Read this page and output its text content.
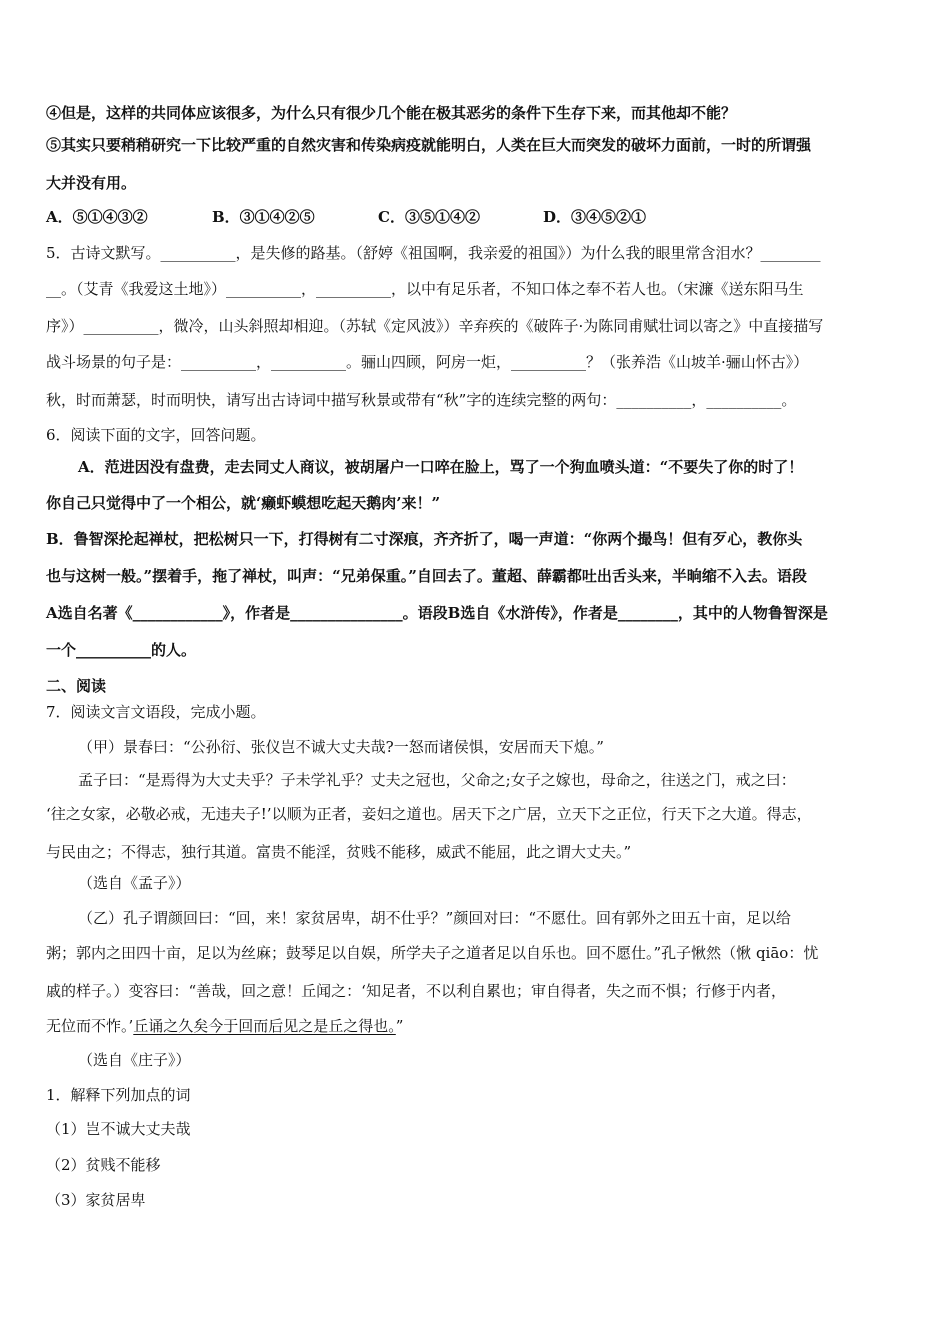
④但是，这样的共同体应该很多，为什么只有很少几个能在极其恶劣的条件下生存下来，而其他却不能？
⑤其实只要稍稍研究一下比较严重的自然灾害和传染病疫就能明白，人类在巨大而突发的破坏力面前，一时的所谓强
大并没有用。
A．⑤①④③②	B．③①④②⑤	C．③⑤①④②	D．③④⑤②①
5．古诗文默写。__________，是失修的路基。（舒婷《祖国啊，我亲爱的祖国》）为什么我的眼里常含泪水？________
__。（艾青《我爱这土地》）__________，__________，以中有足乐者，不知口体之奉不若人也。（宋濂《送东阳马生
序》）__________，微冷，山头斜照却相迎。（苏轼《定风波》）辛弃疾的《破阵子·为陈同甫赋壮词以寄之》中直接描写
战斗场景的句子是：__________，__________。骊山四顾，阿房一炬，__________？（张养浩《山坡羊·骊山怀古》）
秋，时而萧瑟，时而明快，请写出古诗词中描写秋景或带有“秋”字的连续完整的两句：__________，__________。
6．阅读下面的文字，回答问题。
A．范进因没有盘费，走去同丈人商议，被胡屠户一口啐在脸上，骂了一个狗血喷头道：“不要失了你的时了！
你自己只觉得中了一个相公，就‘癞虾蟆想吃起天鹅肉’来！”
B．鲁智深抡起禅杖，把松树只一下，打得树有二寸深痕，齐齐折了，喝一声道：“你两个撮鸟！但有歹心，教你头
也与这树一般。”摆着手，拖了禅杖，叫声：“兄弟保重。”自回去了。董超、薛霸都吐出舌头来，半晌缩不入去。语段
A选自名著《____________》，作者是_______________。语段B选自《水浒传》，作者是________，其中的人物鲁智深是
一个__________的人。
二、阅读
7．阅读文言文语段，完成小题。
（甲）景春曰：“公孙衍、张仪岂不诚大丈夫哉?一怒而诸侯惧，安居而天下熄。”
孟子曰：“是焉得为大丈夫乎？子未学礼乎？丈夫之冠也，父命之;女子之嫁也，母命之，往送之门，戒之曰：
‘往之女家，必敬必戒，无违夫子!’以顺为正者，妾妇之道也。居天下之广居，立天下之正位，行天下之大道。得志，
与民由之；不得志，独行其道。富贵不能淫，贫贱不能移，威武不能屈，此之谓大丈夫。”
（选自《孟子》）
（乙）孔子谓颜回曰：“回，来！家贫居卑，胡不仕乎？”颜回对曰：“不愿仕。回有郭外之田五十亩，足以给
粥；郭内之田四十亩，足以为丝麻；鼓琴足以自娱，所学夫子之道者足以自乐也。回不愿仕。”孔子愀然（愀 qiāo：忧
戚的样子。）变容曰：“善哉，回之意！丘闻之：‘知足者，不以利自累也；审自得者，失之而不惧；行修于内者，
无位而不怍。’丘诵之久矣今于回而后见之是丘之得也。”
（选自《庄子》）
1．解释下列加点的词
（1）岂不诚大丈夫哉
（2）贫贱不能移
（3）家贫居卑
